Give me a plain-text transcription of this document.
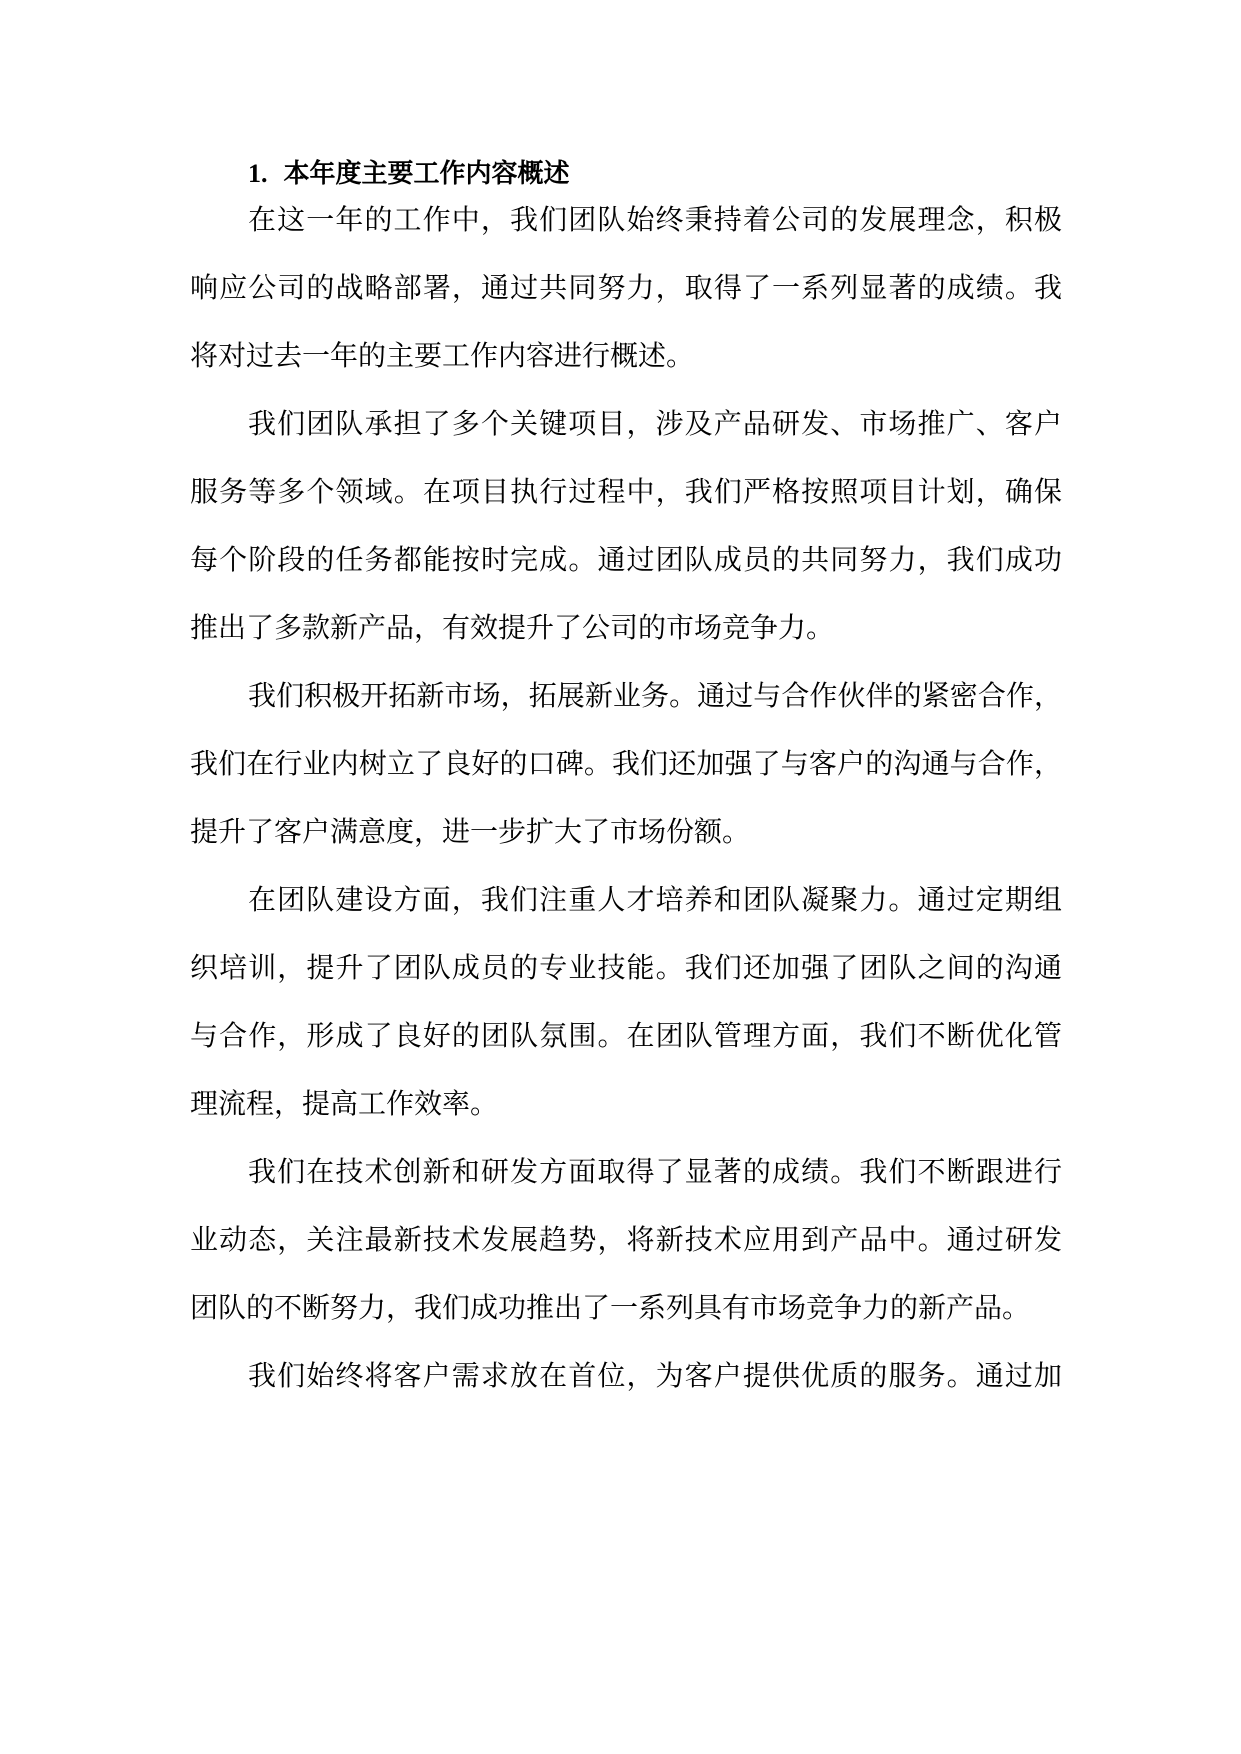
1. 本年度主要工作内容概述
在这一年的工作中，我们团队始终秉持着公司的发展理念，积极
响应公司的战略部署，通过共同努力，取得了一系列显著的成绩。我
将对过去一年的主要工作内容进行概述。
我们团队承担了多个关键项目，涉及产品研发、市场推广、客户
服务等多个领域。在项目执行过程中，我们严格按照项目计划，确保
每个阶段的任务都能按时完成。通过团队成员的共同努力，我们成功
推出了多款新产品，有效提升了公司的市场竞争力。
我们积极开拓新市场，拓展新业务。通过与合作伙伴的紧密合作，
我们在行业内树立了良好的口碑。我们还加强了与客户的沟通与合作，
提升了客户满意度，进一步扩大了市场份额。
在团队建设方面，我们注重人才培养和团队凝聚力。通过定期组
织培训，提升了团队成员的专业技能。我们还加强了团队之间的沟通
与合作，形成了良好的团队氛围。在团队管理方面，我们不断优化管
理流程，提高工作效率。
我们在技术创新和研发方面取得了显著的成绩。我们不断跟进行
业动态，关注最新技术发展趋势，将新技术应用到产品中。通过研发
团队的不断努力，我们成功推出了一系列具有市场竞争力的新产品。
我们始终将客户需求放在首位，为客户提供优质的服务。通过加
